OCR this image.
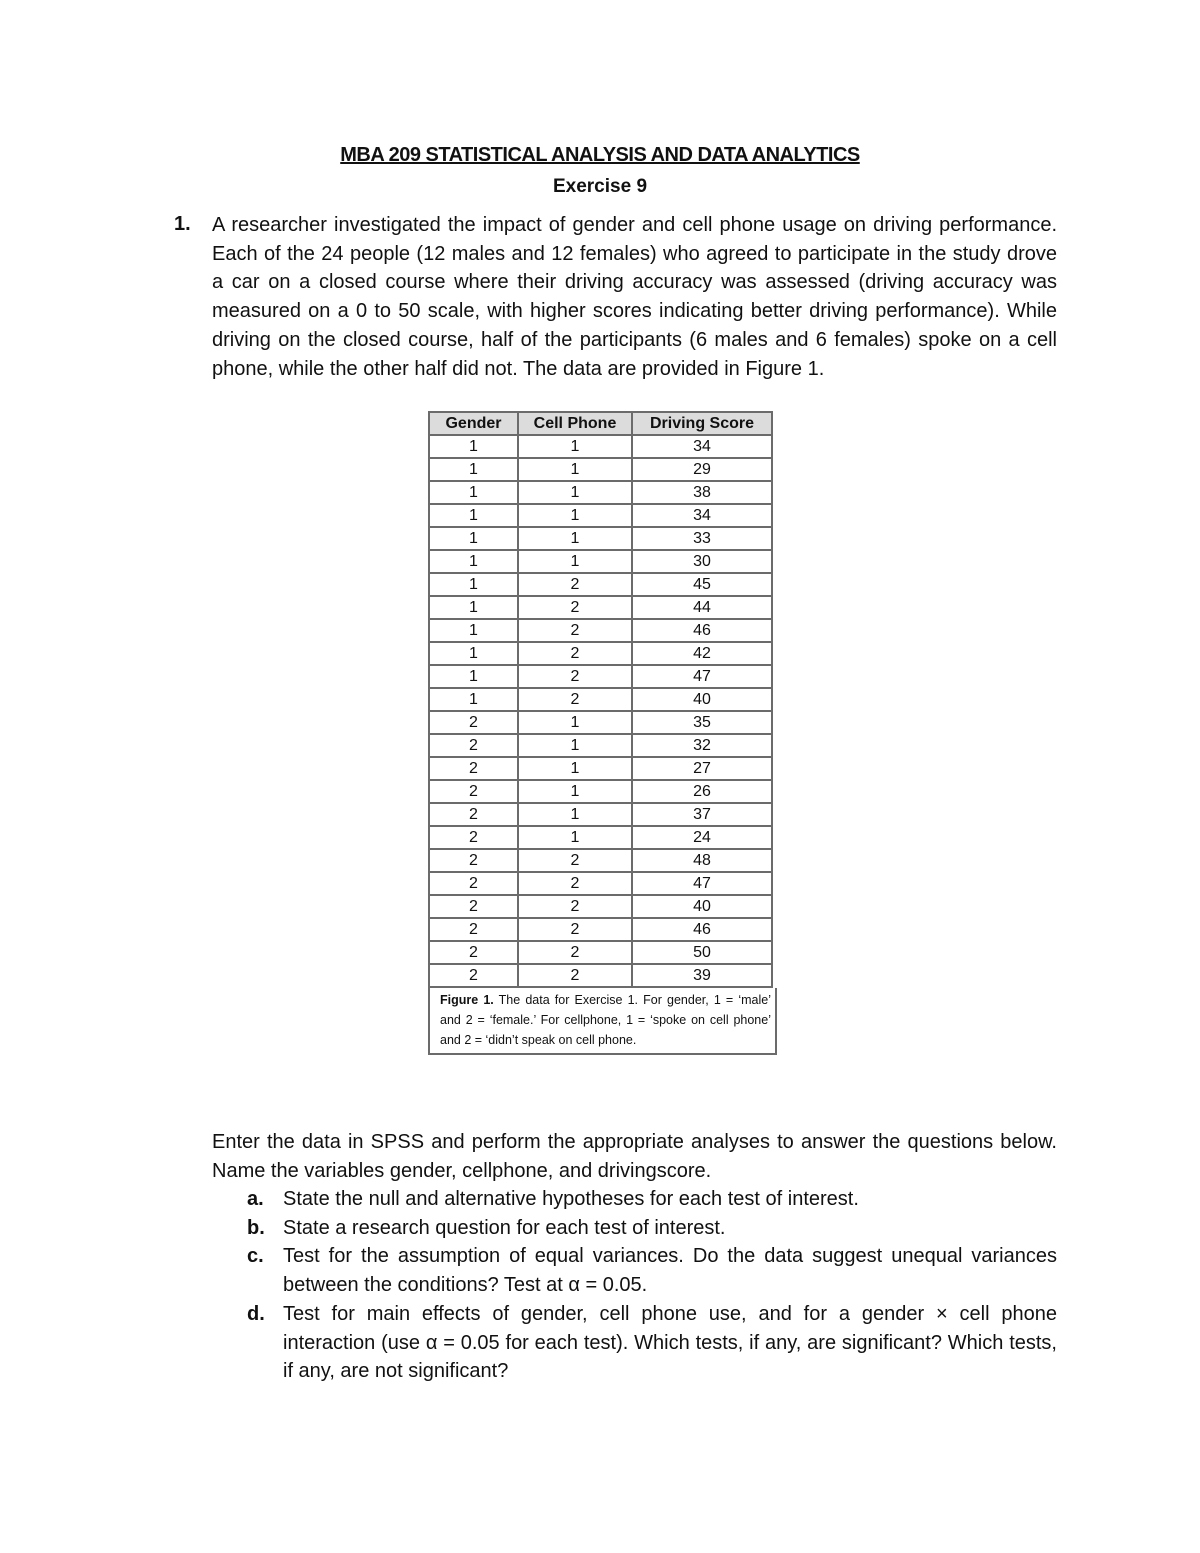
MBA 209 STATISTICAL ANALYSIS AND DATA ANALYTICS
Exercise 9
1. A researcher investigated the impact of gender and cell phone usage on driving performance. Each of the 24 people (12 males and 12 females) who agreed to participate in the study drove a car on a closed course where their driving accuracy was assessed (driving accuracy was measured on a 0 to 50 scale, with higher scores indicating better driving performance). While driving on the closed course, half of the participants (6 males and 6 females) spoke on a cell phone, while the other half did not. The data are provided in Figure 1.
Gender	Cell Phone	Driving Score
1	1	34
1	1	29
1	1	38
1	1	34
1	1	33
1	1	30
1	2	45
1	2	44
1	2	46
1	2	42
1	2	47
1	2	40
2	1	35
2	1	32
2	1	27
2	1	26
2	1	37
2	1	24
2	2	48
2	2	47
2	2	40
2	2	46
2	2	50
2	2	39
Figure 1. The data for Exercise 1. For gender, 1 = ‘male’ and 2 = ‘female.’ For cellphone, 1 = ‘spoke on cell phone’ and 2 = ‘didn’t speak on cell phone.
Enter the data in SPSS and perform the appropriate analyses to answer the questions below. Name the variables gender, cellphone, and drivingscore.
a. State the null and alternative hypotheses for each test of interest.
b. State a research question for each test of interest.
c. Test for the assumption of equal variances. Do the data suggest unequal variances between the conditions? Test at α = 0.05.
d. Test for main effects of gender, cell phone use, and for a gender × cell phone interaction (use α = 0.05 for each test). Which tests, if any, are significant? Which tests, if any, are not significant?
